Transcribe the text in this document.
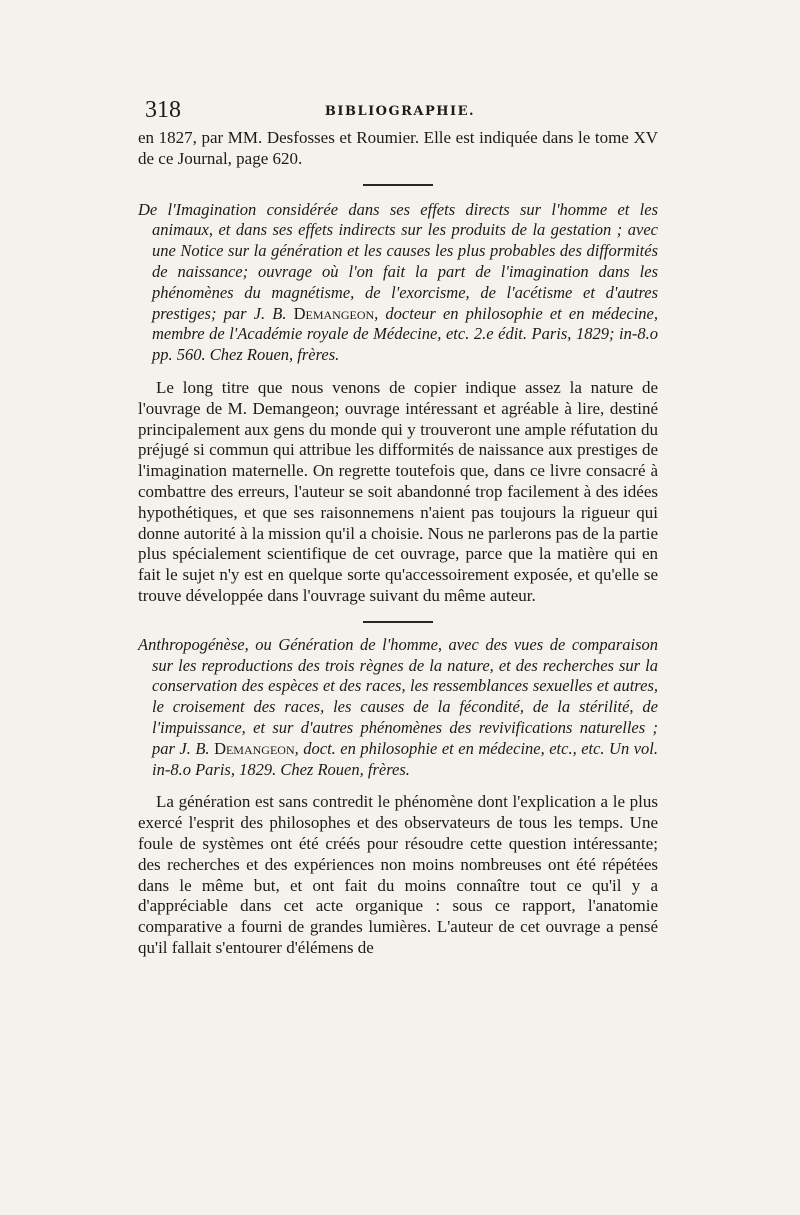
318	BIBLIOGRAPHIE.

en 1827, par MM. Desfosses et Roumier. Elle est indiquée dans le tome XV de ce Journal, page 620.

De l'Imagination considérée dans ses effets directs sur l'homme et les animaux, et dans ses effets indirects sur les produits de la gestation ; avec une Notice sur la génération et les causes les plus probables des difformités de naissance; ouvrage où l'on fait la part de l'imagination dans les phénomènes du magnétisme, de l'exorcisme, de l'acétisme et d'autres prestiges; par J. B. Demangeon, docteur en philosophie et en médecine, membre de l'Académie royale de Médecine, etc. 2.e édit. Paris, 1829; in-8.o pp. 560. Chez Rouen, frères.

Le long titre que nous venons de copier indique assez la nature de l'ouvrage de M. Demangeon; ouvrage intéressant et agréable à lire, destiné principalement aux gens du monde qui y trouveront une ample réfutation du préjugé si commun qui attribue les difformités de naissance aux prestiges de l'imagination maternelle. On regrette toutefois que, dans ce livre consacré à combattre des erreurs, l'auteur se soit abandonné trop facilement à des idées hypothétiques, et que ses raisonnemens n'aient pas toujours la rigueur qui donne autorité à la mission qu'il a choisie. Nous ne parlerons pas de la partie plus spécialement scientifique de cet ouvrage, parce que la matière qui en fait le sujet n'y est en quelque sorte qu'accessoirement exposée, et qu'elle se trouve développée dans l'ouvrage suivant du même auteur.

Anthropogénèse, ou Génération de l'homme, avec des vues de comparaison sur les reproductions des trois règnes de la nature, et des recherches sur la conservation des espèces et des races, les ressemblances sexuelles et autres, le croisement des races, les causes de la fécondité, de la stérilité, de l'impuissance, et sur d'autres phénomènes des revivifications naturelles ; par J. B. Demangeon, doct. en philosophie et en médecine, etc., etc. Un vol. in-8.o Paris, 1829. Chez Rouen, frères.

La génération est sans contredit le phénomène dont l'explication a le plus exercé l'esprit des philosophes et des observateurs de tous les temps. Une foule de systèmes ont été créés pour résoudre cette question intéressante; des recherches et des expériences non moins nombreuses ont été répétées dans le même but, et ont fait du moins connaître tout ce qu'il y a d'appréciable dans cet acte organique : sous ce rapport, l'anatomie comparative a fourni de grandes lumières. L'auteur de cet ouvrage a pensé qu'il fallait s'entourer d'élémens de
